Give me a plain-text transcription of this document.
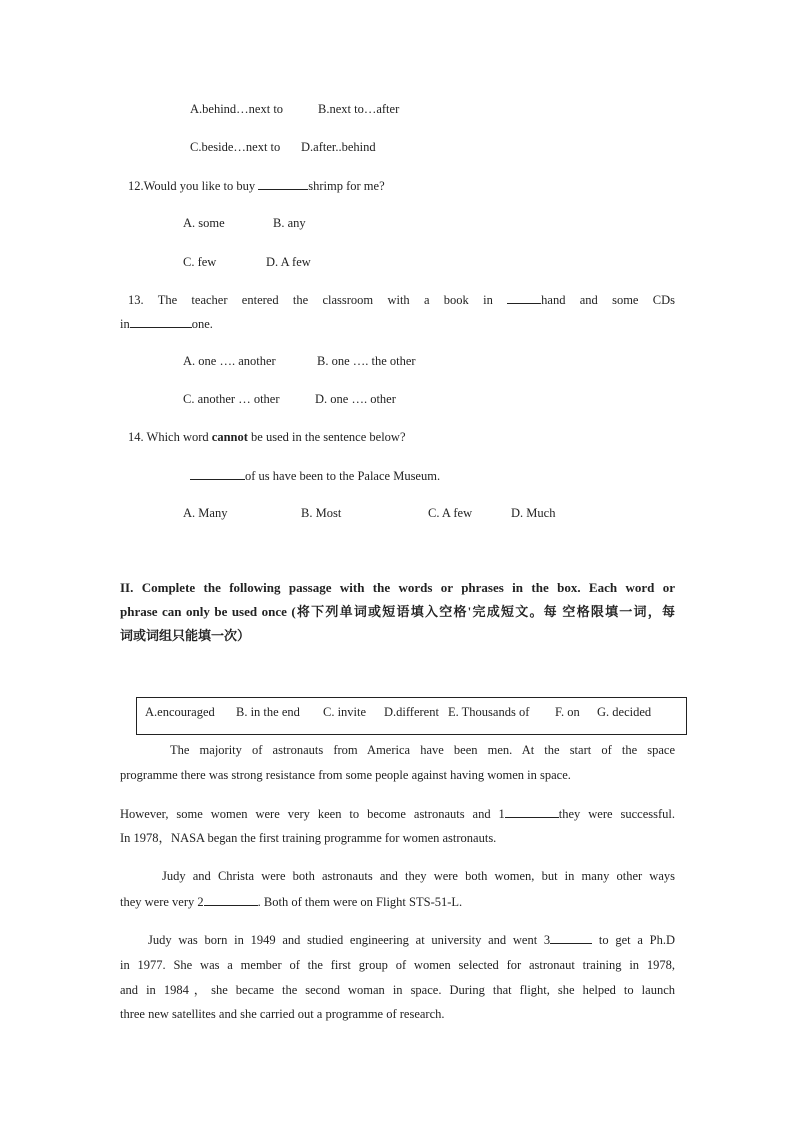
A.behind…next to	B.next to…after
C.beside…next to D.after..behind
12.Would you like to buy	shrimp for me?
A. some	B. any
C. few	D. A few
13. The teacher entered the classroom with a book in	hand and some CDs
in	one.
A. one …. another	B. one …. the other
C. another … other	D. one …. other
14. Which word cannot be used in the sentence below?
of us have been to the Palace Museum.
A. Many	B. Most	C. A few	D. Much
II. Complete the following passage with the words or phrases in the box. Each word or
phrase can only be used once (将下列单词或短语填入空格'完成短文。每 空格限填一词，每
词或词组只能填一次）
A.encouraged B. in the end C. invite D.different E. Thousands of F. on G. decided
The majority of astronauts from America have been men. At the start of the space
programme there was strong resistance from some people against having women in space.
However, some women were very keen to become astronauts and 1	they were successful.
In 1978，NASA began the first training programme for women astronauts.
Judy and Christa were both astronauts and they were both women, but in many other ways
they were very 2	. Both of them were on Flight STS-51-L.
Judy was born in 1949 and studied engineering at university and went 3	to get a Ph.D
in 1977. She was a member of the first group of women selected for astronaut training in 1978,
and in 1984，she became the second woman in space. During that flight, she helped to launch
three new satellites and she carried out a programme of research.
